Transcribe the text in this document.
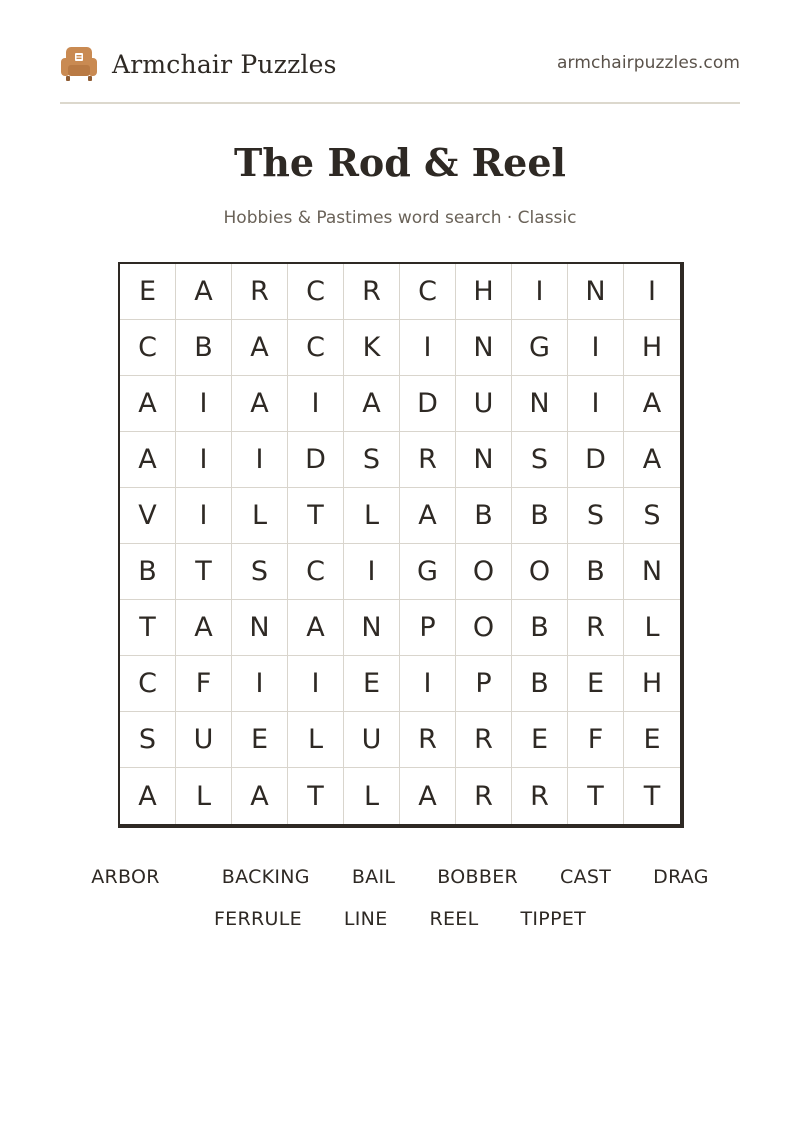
Armchair Puzzles	armchairpuzzles.com
The Rod & Reel
Hobbies & Pastimes word search · Classic
E	A	R	C	R	C	H	I	N	I
C	B	A	C	K	I	N	G	I	H
A	I	A	I	A	D	U	N	I	A
A	I	I	D	S	R	N	S	D	A
V	I	L	T	L	A	B	B	S	S
B	T	S	C	I	G	O	O	B	N
T	A	N	A	N	P	O	B	R	L
C	F	I	I	E	I	P	B	E	H
S	U	E	L	U	R	R	E	F	E
A	L	A	T	L	A	R	R	T	T
ARBOR	BACKING BAIL BOBBER CAST DRAG
FERRULE LINE REEL TIPPET
